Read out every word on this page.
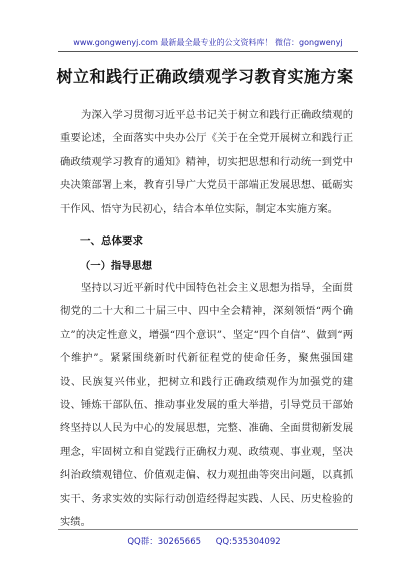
www.gongwenyj.com 最新最全最专业的公文资料库！ 微信：gongwenyj
树立和践行正确政绩观学习教育实施方案
为深入学习贯彻习近平总书记关于树立和践行正确政绩观的重要论述，全面落实中央办公厅《关于在全党开展树立和践行正确政绩观学习教育的通知》精神，切实把思想和行动统一到党中央决策部署上来，教育引导广大党员干部端正发展思想、砥砺实干作风、悟守为民初心，结合本单位实际，制定本实施方案。
一、总体要求
（一）指导思想
坚持以习近平新时代中国特色社会主义思想为指导，全面贯彻党的二十大和二十届三中、四中全会精神，深刻领悟“两个确立”的决定性意义，增强“四个意识”、坚定“四个自信”、做到“两个维护”。紧紧围绕新时代新征程党的使命任务，聚焦强国建设、民族复兴伟业，把树立和践行正确政绩观作为加强党的建设、锤炼干部队伍、推动事业发展的重大举措，引导党员干部始终坚持以人民为中心的发展思想，完整、准确、全面贯彻新发展理念，牢固树立和自觉践行正确权力观、政绩观、事业观，坚决纠治政绩观错位、价值观走偏、权力观扭曲等突出问题，以真抓实干、务求实效的实际行动创造经得起实践、人民、历史检验的实绩。
QQ群：30265665 QQ:535304092
